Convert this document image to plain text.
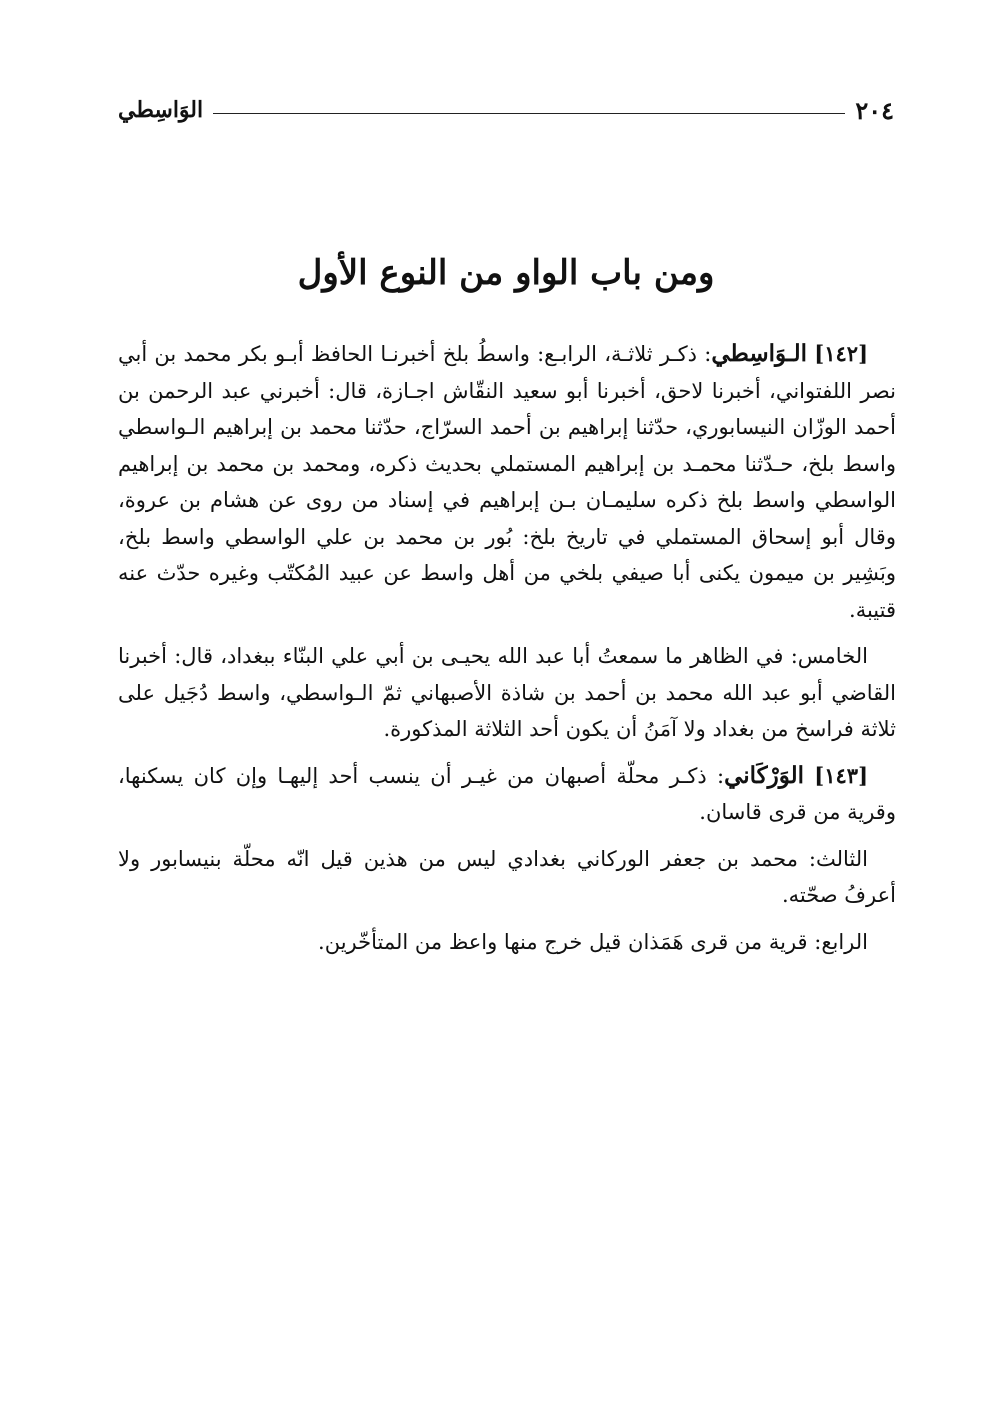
٢٠٤
الوَاسِطي
ومن باب الواو من النوع الأول

[١٤٢] الـوَاسِطي: ذكـر ثلاثـة، الرابـع: واسطُ بلخ أخبرنـا الحافظ أبـو بكر محمد بن أبي نصر اللفتواني، أخبرنا لاحق، أخبرنا أبو سعيد النقّاش اجـازة، قال: أخبرني عبد الرحمن بن أحمد الوزّان النيسابوري، حدّثنا إبراهيم بن أحمد السرّاج، حدّثنا محمد بن إبراهيم الـواسطي واسط بلخ، حـدّثنا محمـد بن إبراهيم المستملي بحديث ذكره، ومحمد بن محمد بن إبراهيم الواسطي واسط بلخ ذكره سليمـان بـن إبراهيم في إسناد من روى عن هشام بن عروة، وقال أبو إسحاق المستملي في تاريخ بلخ: بُور بن محمد بن علي الواسطي واسط بلخ، وبَشِير بن ميمون يكنى أبا صيفي بلخي من أهل واسط عن عبيد المُكتّب وغيره حدّث عنه قتيبة.

الخامس: في الظاهر ما سمعتُ أبا عبد الله يحيـى بن أبي علي البنّاء ببغداد، قال: أخبرنا القاضي أبو عبد الله محمد بن أحمد بن شاذة الأصبهاني ثمّ الـواسطي، واسط دُجَيل على ثلاثة فراسخ من بغداد ولا آمَنُ أن يكون أحد الثلاثة المذكورة.

[١٤٣] الوَرْكَاني: ذكـر محلّة أصبهان من غيـر أن ينسب أحد إليهـا وإن كان يسكنها، وقرية من قرى قاسان.

الثالث: محمد بن جعفر الوركاني بغدادي ليس من هذين قيل انّه محلّة بنيسابور ولا أعرفُ صحّته.

الرابع: قرية من قرى هَمَذان قيل خرج منها واعظ من المتأخّرين.
